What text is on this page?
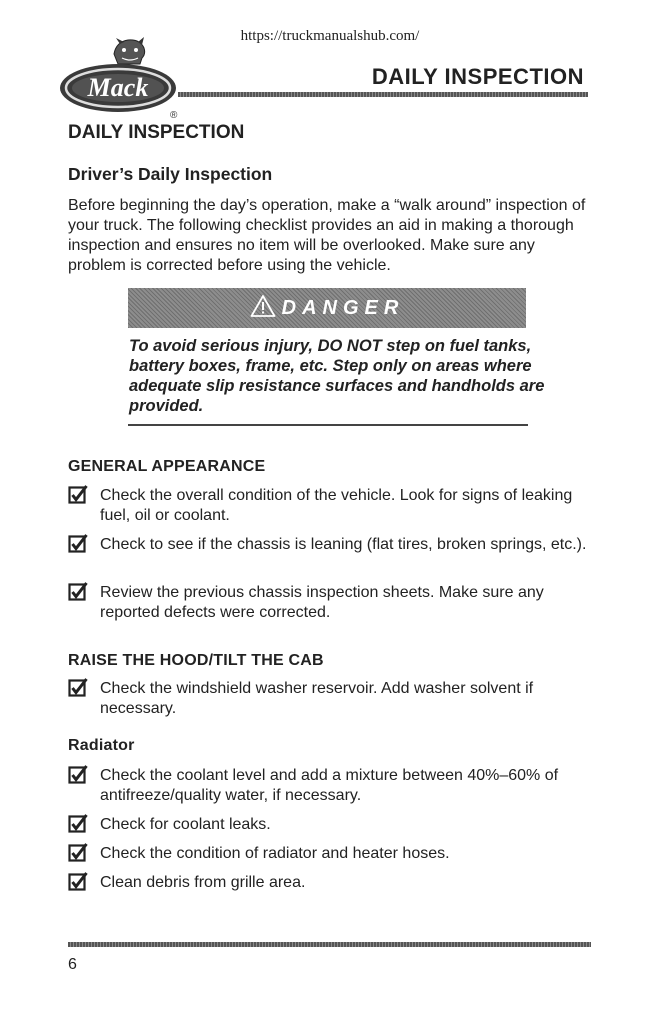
https://truckmanualshub.com/
Mack
®
DAILY INSPECTION
DAILY INSPECTION
Driver’s Daily Inspection
Before beginning the day’s operation, make a “walk around” inspection of your truck. The following checklist provides an aid in making a thorough inspection and ensures no item will be overlooked. Make sure any problem is corrected before using the vehicle.
DANGER
To avoid serious injury, DO NOT step on fuel tanks, battery boxes, frame, etc. Step only on areas where adequate slip resistance surfaces and handholds are provided.
GENERAL APPEARANCE
Check the overall condition of the vehicle. Look for signs of leaking fuel, oil or coolant.
Check to see if the chassis is leaning (flat tires, broken springs, etc.).
Review the previous chassis inspection sheets. Make sure any reported defects were corrected.
RAISE THE HOOD/TILT THE CAB
Check the windshield washer reservoir. Add washer solvent if necessary.
Radiator
Check the coolant level and add a mixture between 40%–60% of antifreeze/quality water, if necessary.
Check for coolant leaks.
Check the condition of radiator and heater hoses.
Clean debris from grille area.
6
